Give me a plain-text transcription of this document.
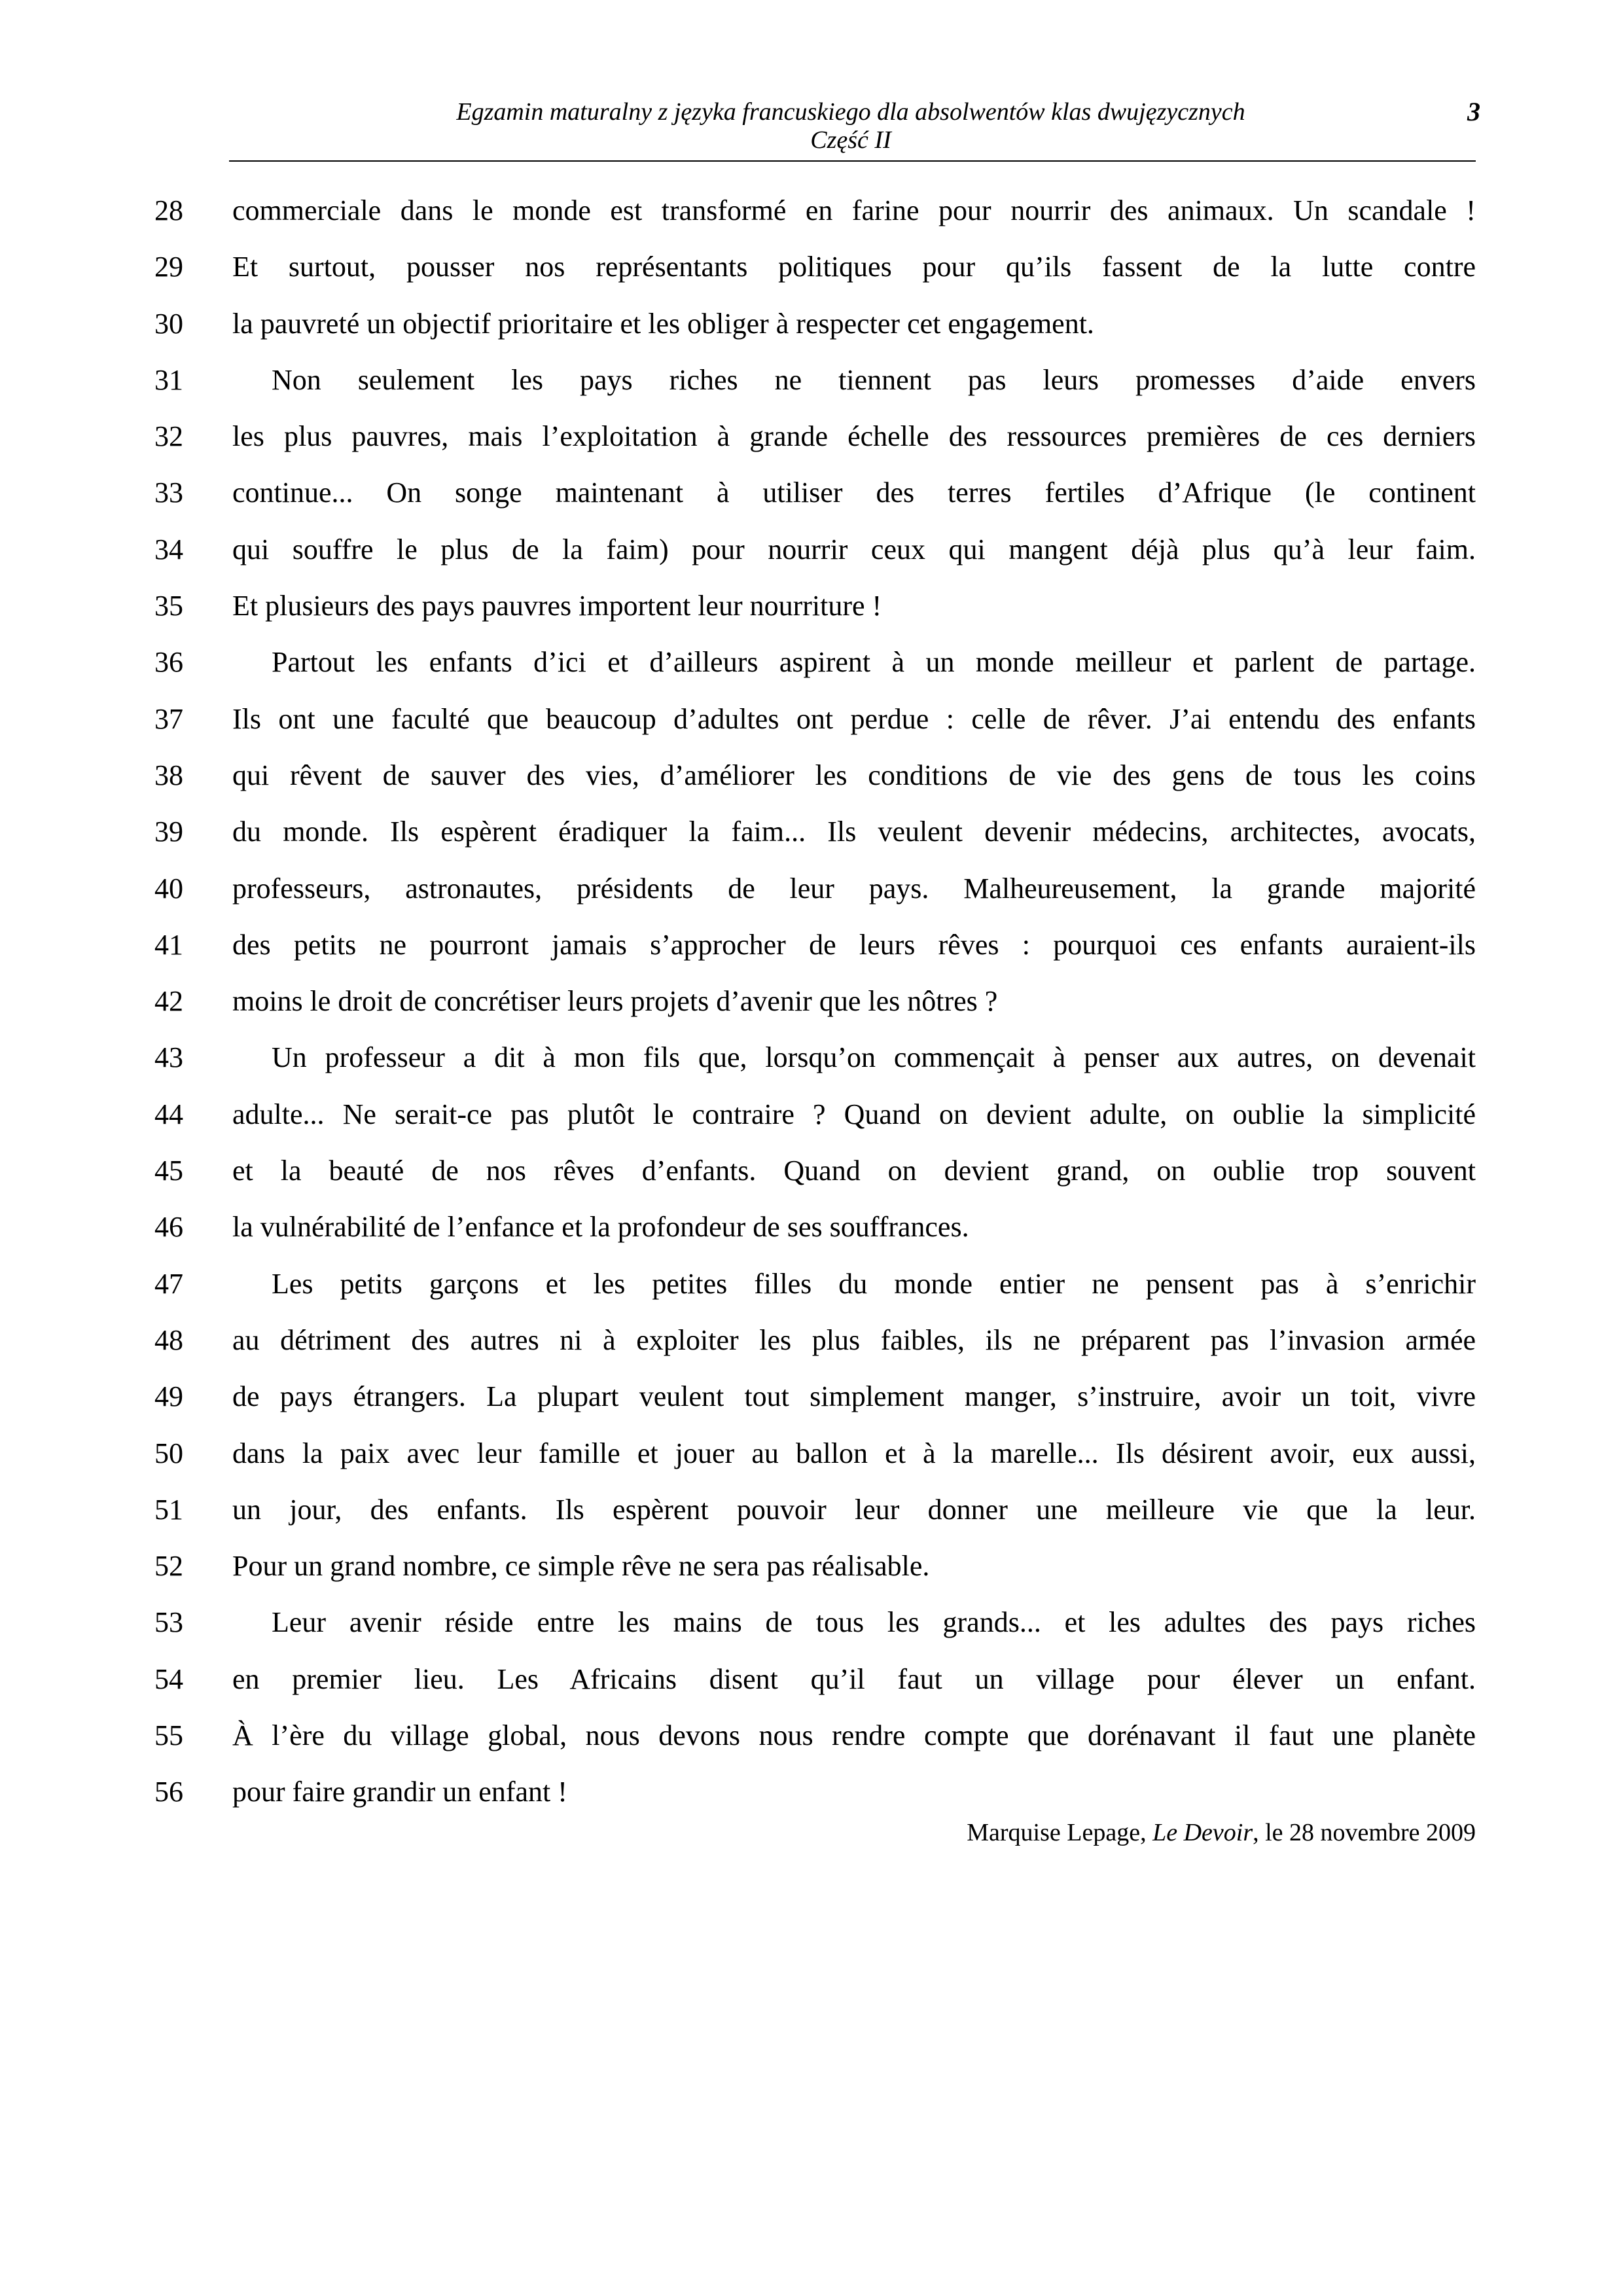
Egzamin maturalny z języka francuskiego dla absolwentów klas dwujęzycznych
Część II
3
28 commerciale dans le monde est transformé en farine pour nourrir des animaux. Un scandale !
29 Et surtout, pousser nos représentants politiques pour qu’ils fassent de la lutte contre
30 la pauvreté un objectif prioritaire et les obliger à respecter cet engagement.
31	Non seulement les pays riches ne tiennent pas leurs promesses d’aide envers
32 les plus pauvres, mais l’exploitation à grande échelle des ressources premières de ces derniers
33 continue... On songe maintenant à utiliser des terres fertiles d’Afrique (le continent
34 qui souffre le plus de la faim) pour nourrir ceux qui mangent déjà plus qu’à leur faim.
35 Et plusieurs des pays pauvres importent leur nourriture !
36	Partout les enfants d’ici et d’ailleurs aspirent à un monde meilleur et parlent de partage.
37 Ils ont une faculté que beaucoup d’adultes ont perdue : celle de rêver. J’ai entendu des enfants
38 qui rêvent de sauver des vies, d’améliorer les conditions de vie des gens de tous les coins
39 du monde. Ils espèrent éradiquer la faim... Ils veulent devenir médecins, architectes, avocats,
40 professeurs, astronautes, présidents de leur pays. Malheureusement, la grande majorité
41 des petits ne pourront jamais s’approcher de leurs rêves : pourquoi ces enfants auraient-ils
42 moins le droit de concrétiser leurs projets d’avenir que les nôtres ?
43	Un professeur a dit à mon fils que, lorsqu’on commençait à penser aux autres, on devenait
44 adulte... Ne serait-ce pas plutôt le contraire ? Quand on devient adulte, on oublie la simplicité
45 et la beauté de nos rêves d’enfants. Quand on devient grand, on oublie trop souvent
46 la vulnérabilité de l’enfance et la profondeur de ses souffrances.
47	Les petits garçons et les petites filles du monde entier ne pensent pas à s’enrichir
48 au détriment des autres ni à exploiter les plus faibles, ils ne préparent pas l’invasion armée
49 de pays étrangers. La plupart veulent tout simplement manger, s’instruire, avoir un toit, vivre
50 dans la paix avec leur famille et jouer au ballon et à la marelle... Ils désirent avoir, eux aussi,
51 un jour, des enfants. Ils espèrent pouvoir leur donner une meilleure vie que la leur.
52 Pour un grand nombre, ce simple rêve ne sera pas réalisable.
53	Leur avenir réside entre les mains de tous les grands... et les adultes des pays riches
54 en premier lieu. Les Africains disent qu’il faut un village pour élever un enfant.
55 À l’ère du village global, nous devons nous rendre compte que dorénavant il faut une planète
56 pour faire grandir un enfant !
Marquise Lepage, Le Devoir, le 28 novembre 2009
